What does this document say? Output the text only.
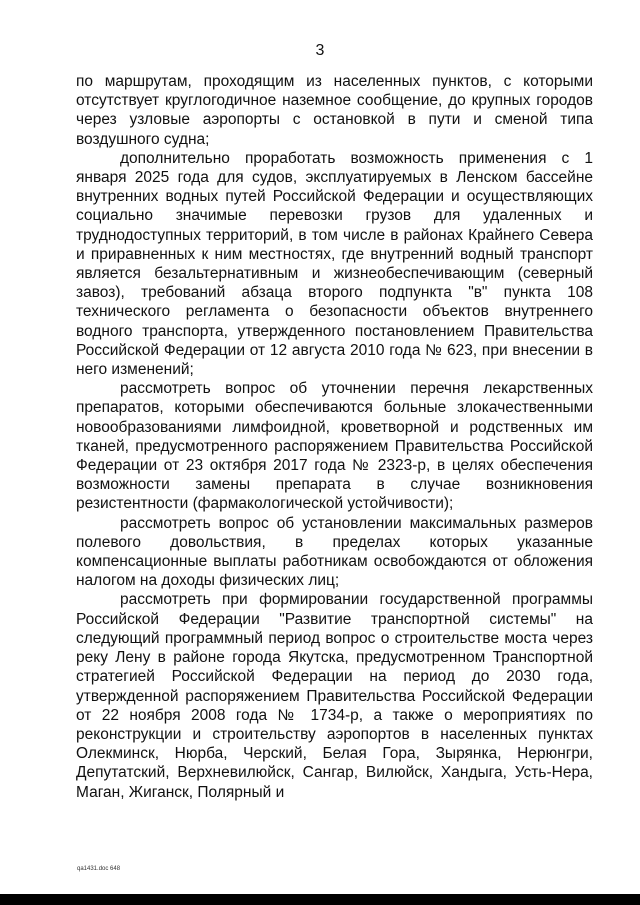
3

по маршрутам, проходящим из населенных пунктов, с которыми отсутствует круглогодичное наземное сообщение, до крупных городов через узловые аэропорты с остановкой в пути и сменой типа воздушного судна;

дополнительно проработать возможность применения с 1 января 2025 года для судов, эксплуатируемых в Ленском бассейне внутренних водных путей Российской Федерации и осуществляющих социально значимые перевозки грузов для удаленных и труднодоступных территорий, в том числе в районах Крайнего Севера и приравненных к ним местностях, где внутренний водный транспорт является безальтернативным и жизнеобеспечивающим (северный завоз), требований абзаца второго подпункта "в" пункта 108 технического регламента о безопасности объектов внутреннего водного транспорта, утвержденного постановлением Правительства Российской Федерации от 12 августа 2010 года № 623, при внесении в него изменений;

рассмотреть вопрос об уточнении перечня лекарственных препаратов, которыми обеспечиваются больные злокачественными новообразованиями лимфоидной, кроветворной и родственных им тканей, предусмотренного распоряжением Правительства Российской Федерации от 23 октября 2017 года № 2323-р, в целях обеспечения возможности замены препарата в случае возникновения резистентности (фармакологической устойчивости);

рассмотреть вопрос об установлении максимальных размеров полевого довольствия, в пределах которых указанные компенсационные выплаты работникам освобождаются от обложения налогом на доходы физических лиц;

рассмотреть при формировании государственной программы Российской Федерации "Развитие транспортной системы" на следующий программный период вопрос о строительстве моста через реку Лену в районе города Якутска, предусмотренном Транспортной стратегией Российской Федерации на период до 2030 года, утвержденной распоряжением Правительства Российской Федерации от 22 ноября 2008 года № 1734-р, а также о мероприятиях по реконструкции и строительству аэропортов в населенных пунктах Олекминск, Нюрба, Черский, Белая Гора, Зырянка, Нерюнгри, Депутатский, Верхневилюйск, Сангар, Вилюйск, Хандыга, Усть-Нера, Маган, Жиганск, Полярный и

qa1431.doc 648
